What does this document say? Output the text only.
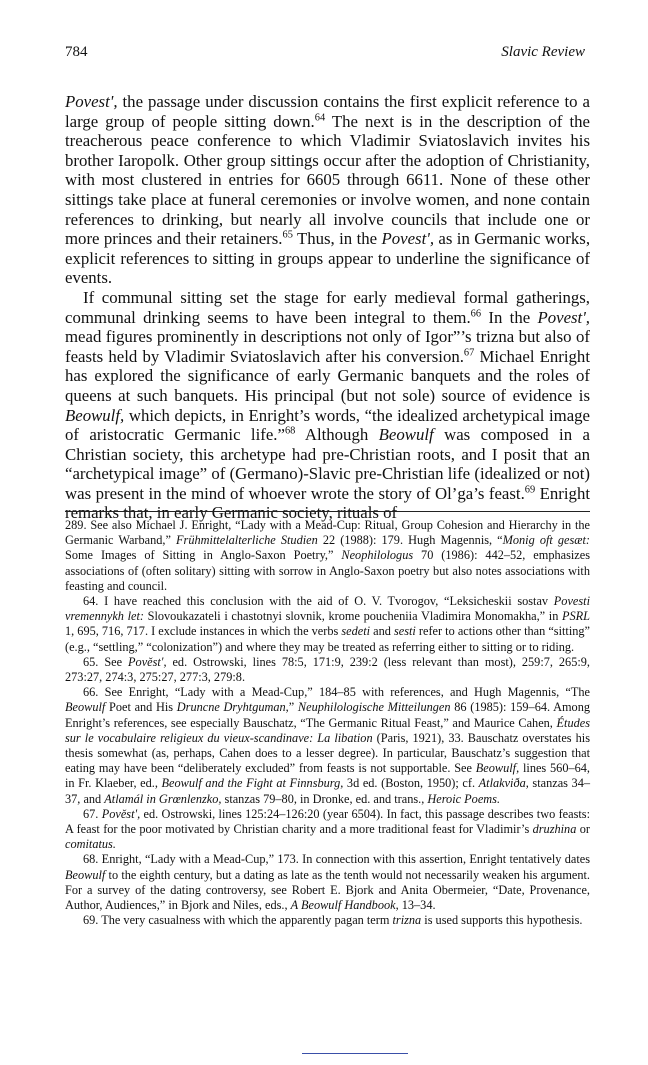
784	Slavic Review

Povest', the passage under discussion contains the first explicit reference to a large group of people sitting down.$^{64}$ The next is in the description of the treacherous peace conference to which Vladimir Sviatoslavich invites his brother Iaropolk. Other group sittings occur after the adoption of Christianity, with most clustered in entries for 6605 through 6611. None of these other sittings take place at funeral ceremonies or involve women, and none contain references to drinking, but nearly all involve councils that include one or more princes and their retainers.$^{65}$ Thus, in the Povest', as in Germanic works, explicit references to sitting in groups appear to underline the significance of events.

If communal sitting set the stage for early medieval formal gatherings, communal drinking seems to have been integral to them.$^{66}$ In the Povest', mead figures prominently in descriptions not only of Igor”’s trizna but also of feasts held by Vladimir Sviatoslavich after his conversion.$^{67}$ Michael Enright has explored the significance of early Germanic banquets and the roles of queens at such banquets. His principal (but not sole) source of evidence is Beowulf, which depicts, in Enright’s words, “the idealized archetypical image of aristocratic Germanic life.”$^{68}$ Although Beowulf was composed in a Christian society, this archetype had pre-Christian roots, and I posit that an “archetypical image” of (Germano)-Slavic pre-Christian life (idealized or not) was present in the mind of whoever wrote the story of Ol’ga’s feast.$^{69}$ Enright remarks that, in early Germanic society, rituals of

289. See also Michael J. Enright, “Lady with a Mead-Cup: Ritual, Group Cohesion and Hierarchy in the Germanic Warband,” Frühmittelalterliche Studien 22 (1988): 179. Hugh Magennis, “Monig oft gesæt: Some Images of Sitting in Anglo-Saxon Poetry,” Neophilologus 70 (1986): 442–52, emphasizes associations of (often solitary) sitting with sorrow in Anglo-Saxon poetry but also notes associations with feasting and council.

64. I have reached this conclusion with the aid of O. V. Tvorogov, “Leksicheskii sostav Povesti vremennykh let: Slovoukazateli i chastotnyi slovnik, krome poucheniia Vladimira Monomakha,” in PSRL 1, 695, 716, 717. I exclude instances in which the verbs sedeti and sesti refer to actions other than “sitting” (e.g., “settling,” “colonization”) and where they may be treated as referring either to sitting or to riding.

65. See Pověst', ed. Ostrowski, lines 78:5, 171:9, 239:2 (less relevant than most), 259:7, 265:9, 273:27, 274:3, 275:27, 277:3, 279:8.

66. See Enright, “Lady with a Mead-Cup,” 184–85 with references, and Hugh Magennis, “The Beowulf Poet and His Druncne Dryhtguman,” Neuphilologische Mitteilungen 86 (1985): 159–64. Among Enright’s references, see especially Bauschatz, “The Germanic Ritual Feast,” and Maurice Cahen, Études sur le vocabulaire religieux du vieux-scandinave: La libation (Paris, 1921), 33. Bauschatz overstates his thesis somewhat (as, perhaps, Cahen does to a lesser degree). In particular, Bauschatz’s suggestion that eating may have been “deliberately excluded” from feasts is not supportable. See Beowulf, lines 560–64, in Fr. Klaeber, ed., Beowulf and the Fight at Finnsburg, 3d ed. (Boston, 1950); cf. Atlakviða, stanzas 34–37, and Atlamál in Grœnlenzko, stanzas 79–80, in Dronke, ed. and trans., Heroic Poems.

67. Pověst', ed. Ostrowski, lines 125:24–126:20 (year 6504). In fact, this passage describes two feasts: A feast for the poor motivated by Christian charity and a more traditional feast for Vladimir’s druzhina or comitatus.

68. Enright, “Lady with a Mead-Cup,” 173. In connection with this assertion, Enright tentatively dates Beowulf to the eighth century, but a dating as late as the tenth would not necessarily weaken his argument. For a survey of the dating controversy, see Robert E. Bjork and Anita Obermeier, “Date, Provenance, Author, Audiences,” in Bjork and Niles, eds., A Beowulf Handbook, 13–34.

69. The very casualness with which the apparently pagan term trizna is used supports this hypothesis.
